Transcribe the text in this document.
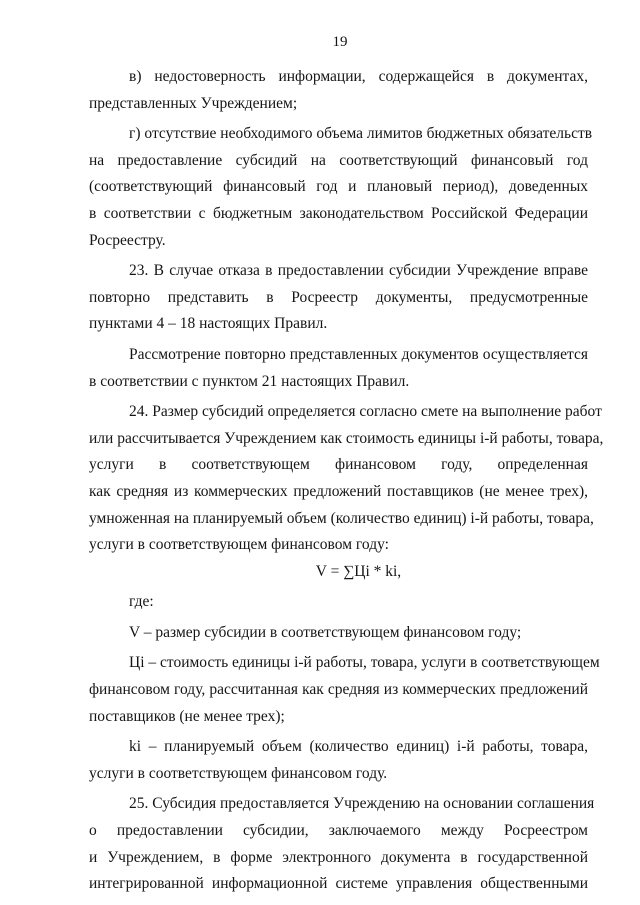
19
в) недостоверность информации, содержащейся в документах,
представленных Учреждением;
г) отсутствие необходимого объема лимитов бюджетных обязательств
на предоставление субсидий на соответствующий финансовый год
(соответствующий финансовый год и плановый период), доведенных
в соответствии с бюджетным законодательством Российской Федерации
Росреестру.
23. В случае отказа в предоставлении субсидии Учреждение вправе
повторно представить в Росреестр документы, предусмотренные
пунктами 4 – 18 настоящих Правил.
Рассмотрение повторно представленных документов осуществляется
в соответствии с пунктом 21 настоящих Правил.
24. Размер субсидий определяется согласно смете на выполнение работ
или рассчитывается Учреждением как стоимость единицы i-й работы, товара,
услуги в соответствующем финансовом году, определенная
как средняя из коммерческих предложений поставщиков (не менее трех),
умноженная на планируемый объем (количество единиц) i-й работы, товара,
услуги в соответствующем финансовом году:
V = ∑Цi * ki,
где:
V – размер субсидии в соответствующем финансовом году;
Цi – стоимость единицы i-й работы, товара, услуги в соответствующем
финансовом году, рассчитанная как средняя из коммерческих предложений
поставщиков (не менее трех);
ki – планируемый объем (количество единиц) i-й работы, товара,
услуги в соответствующем финансовом году.
25. Субсидия предоставляется Учреждению на основании соглашения
о предоставлении субсидии, заключаемого между Росреестром
и Учреждением, в форме электронного документа в государственной
интегрированной информационной системе управления общественными
